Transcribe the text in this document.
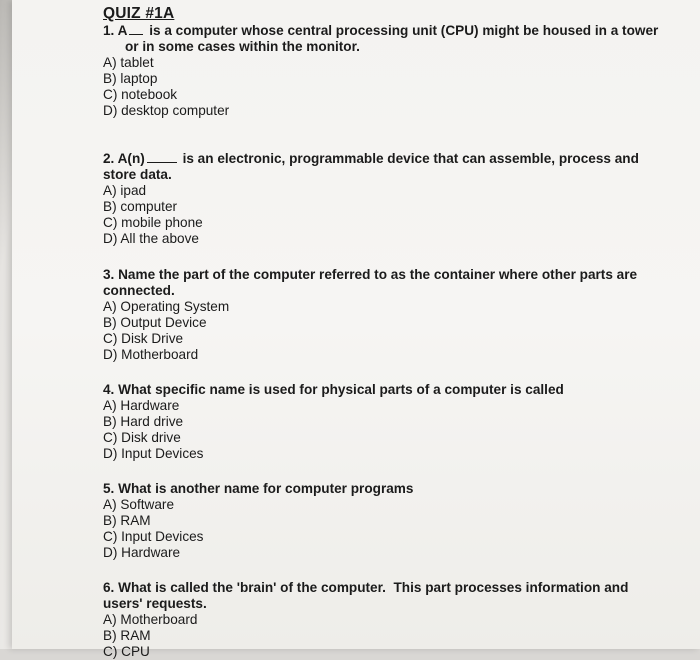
QUIZ #1A

1. A is a computer whose central processing unit (CPU) might be housed in a tower or in some cases within the monitor.

A) tablet

B) laptop

C) notebook

D) desktop computer

2. A(n)	is an electronic, programmable device that can assemble, process and store data.

A) ipad

B) computer

C) mobile phone

D) All the above

3. Name the part of the computer referred to as the container where other parts are connected.

A) Operating System

B) Output Device

C) Disk Drive

D) Motherboard

4. What specific name is used for physical parts of a computer is called

A) Hardware

B) Hard drive

C) Disk drive

D) Input Devices

5. What is another name for computer programs

A) Software

B) RAM

C) Input Devices

D) Hardware

6. What is called the 'brain' of the computer.  This part processes information and users' requests.

A) Motherboard

B) RAM

C) CPU
